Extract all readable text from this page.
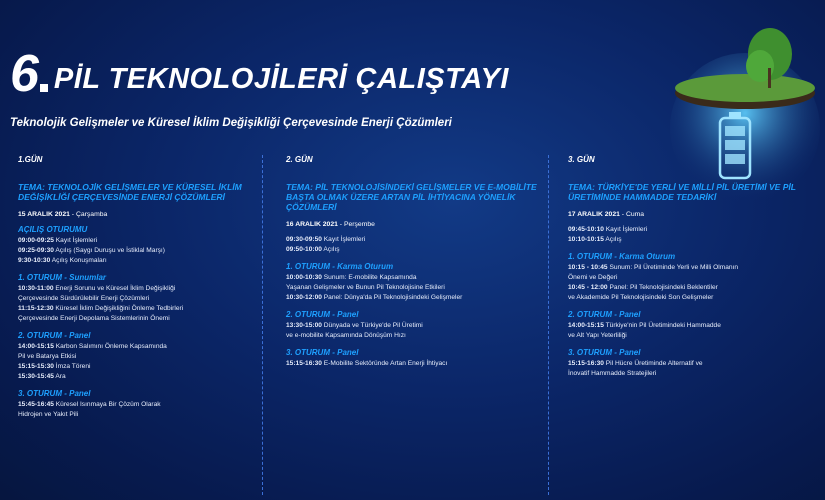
6 PİL TEKNOLOJİLERİ ÇALIŞTAYI
Teknolojik Gelişmeler ve Küresel İklim Değişikliği Çerçevesinde Enerji Çözümleri
1.GÜN
TEMA: TEKNOLOJİK GELİŞMELER VE KÜRESEL İKLİM DEĞİŞİKLİĞİ ÇERÇEVESİNDE ENERJİ ÇÖZÜMLERİ
15 ARALIK 2021 - Çarşamba
AÇILIŞ OTURUMU
09:00-09:25 Kayıt İşlemleri
09:25-09:30 Açılış (Saygı Duruşu ve İstiklal Marşı)
9:30-10:30 Açılış Konuşmaları
1. OTURUM - Sunumlar
10:30-11:00 Enerji Sorunu ve Küresel İklim Değişikliği
Çerçevesinde Sürdürülebilir Enerji Çözümleri
11:15-12:30 Küresel İklim Değişikliğini Önleme Tedbirleri
Çerçevesinde Enerji Depolama Sistemlerinin Önemi
2. OTURUM - Panel
14:00-15:15 Karbon Salımını Önleme Kapsamında
Pil ve Batarya Etkisi
15:15-15:30 İmza Töreni
15:30-15:45 Ara
3. OTURUM - Panel
15:45-16:45 Küresel Isınmaya Bir Çözüm Olarak
Hidrojen ve Yakıt Pili
2. GÜN
TEMA: PİL TEKNOLOJİSİNDEKİ GELİŞMELER VE E-MOBİLİTE BAŞTA OLMAK ÜZERE ARTAN PİL İHTİYACINA YÖNELİK ÇÖZÜMLERİ
16 ARALIK 2021 - Perşembe
09:30-09:50 Kayıt İşlemleri
09:50-10:00 Açılış
1. OTURUM - Karma Oturum
10:00-10:30 Sunum: E-mobilite Kapsamında
Yaşanan Gelişmeler ve Bunun Pil Teknolojisine Etkileri
10:30-12:00 Panel: Dünya'da Pil Teknolojisindeki Gelişmeler
2. OTURUM - Panel
13:30-15:00 Dünyada ve Türkiye'de Pil Üretimi
ve e-mobilite Kapsamında Dönüşüm Hızı
3. OTURUM - Panel
15:15-16:30 E-Mobilite Sektöründe Artan Enerji İhtiyacı
3. GÜN
TEMA: TÜRKİYE'DE YERLİ VE MİLLİ PİL ÜRETİMİ VE PİL ÜRETİMİNDE HAMMADDE TEDARİKİ
17 ARALIK 2021 - Cuma
09:45-10:10 Kayıt İşlemleri
10:10-10:15 Açılış
1. OTURUM - Karma Oturum
10:15 - 10:45 Sunum: Pil Üretiminde Yerli ve Milli Olmanın
Önemi ve Değeri
10:45 - 12:00 Panel: Pil Teknolojisindeki Beklentiler
ve Akademide Pil Teknolojisindeki Son Gelişmeler
2. OTURUM - Panel
14:00-15:15 Türkiye'nin Pil Üretimindeki Hammadde
ve Alt Yapı Yeterliliği
3. OTURUM - Panel
15:15-16:30 Pil Hücre Üretiminde Alternatif ve
İnovatif Hammadde Stratejileri
